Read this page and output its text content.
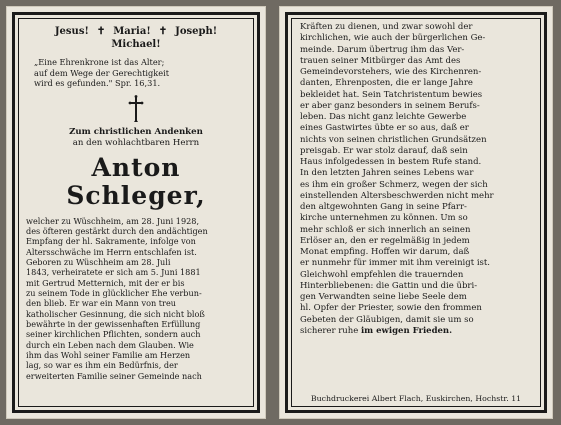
Jesus! ✝ Maria! ✝ Joseph!
Michael!
„Eine Ehrenkrone ist das Alter;
auf dem Wege der Gerechtigkeit
wird es gefunden." Spr. 16,31.
Zum christlichen Andenken
an den wohlachtbaren Herrn
Anton Schleger,
welcher zu Wüschheim, am 28. Juni 1928,
des öfteren gestärkt durch den andächtigen
Empfang der hl. Sakramente, infolge von
Altersschwäche im Herrn entschlafen ist.
Geboren zu Wüschheim am 28. Juli
1843, verheiratete er sich am 5. Juni 1881
mit Gertrud Metternich, mit der er bis
zu seinem Tode in glücklicher Ehe verbun-
den blieb. Er war ein Mann von treu
katholischer Gesinnung, die sich nicht bloß
bewährte in der gewissenhaften Erfüllung
seiner kirchlichen Pflichten, sondern auch
durch ein Leben nach dem Glauben. Wie
ihm das Wohl seiner Familie am Herzen
lag, so war es ihm ein Bedürfnis, der
erweiterten Familie seiner Gemeinde nach
Kräften zu dienen, und zwar sowohl der
kirchlichen, wie auch der bürgerlichen Ge-
meinde. Darum übertrug ihm das Ver-
trauen seiner Mitbürger das Amt des
Gemeindevorstehers, wie des Kirchenren-
danten, Ehrenposten, die er lange Jahre
bekleidet hat. Sein Tatchristentum bewies
er aber ganz besonders in seinem Berufs-
leben. Das nicht ganz leichte Gewerbe
eines Gastwirtes übte er so aus, daß er
nichts von seinen christlichen Grundsätzen
preisgab. Er war stolz darauf, daß sein
Haus infolgedessen in bestem Rufe stand.
In den letzten Jahren seines Lebens war
es ihm ein großer Schmerz, wegen der sich
einstellenden Altersbeschwerden nicht mehr
den altgewohnten Gang in seine Pfarr-
kirche unternehmen zu können. Um so
mehr schloß er sich innerlich an seinen
Erlöser an, den er regelmäßig in jedem
Monat empfing. Hoffen wir darum, daß
er nunmehr für immer mit ihm vereinigt ist.
Gleichwohl empfehlen die trauernden
Hinterbliebenen: die Gattin und die übri-
gen Verwandten seine liebe Seele dem
hl. Opfer der Priester, sowie den frommen
Gebeten der Gläubigen, damit sie um so
sicherer ruhe im ewigen Frieden.
Buchdruckerei Albert Flach, Euskirchen, Hochstr. 11
